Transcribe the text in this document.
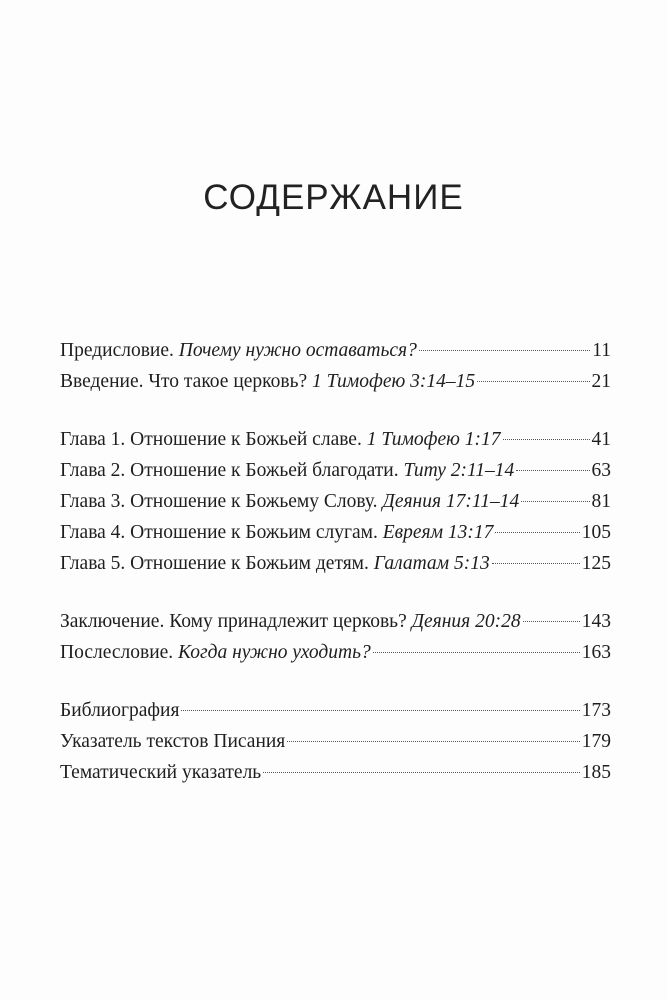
СОДЕРЖАНИЕ
Предисловие. Почему нужно оставаться?	11
Введение. Что такое церковь? 1 Тимофею 3:14–15	21
Глава 1. Отношение к Божьей славе. 1 Тимофею 1:17	41
Глава 2. Отношение к Божьей благодати. Титу 2:11–14	63
Глава 3. Отношение к Божьему Слову. Деяния 17:11–14	81
Глава 4. Отношение к Божьим слугам. Евреям 13:17	105
Глава 5. Отношение к Божьим детям. Галатам 5:13	125
Заключение. Кому принадлежит церковь? Деяния 20:28	143
Послесловие. Когда нужно уходить?	163
Библиография	173
Указатель текстов Писания	179
Тематический указатель	185
